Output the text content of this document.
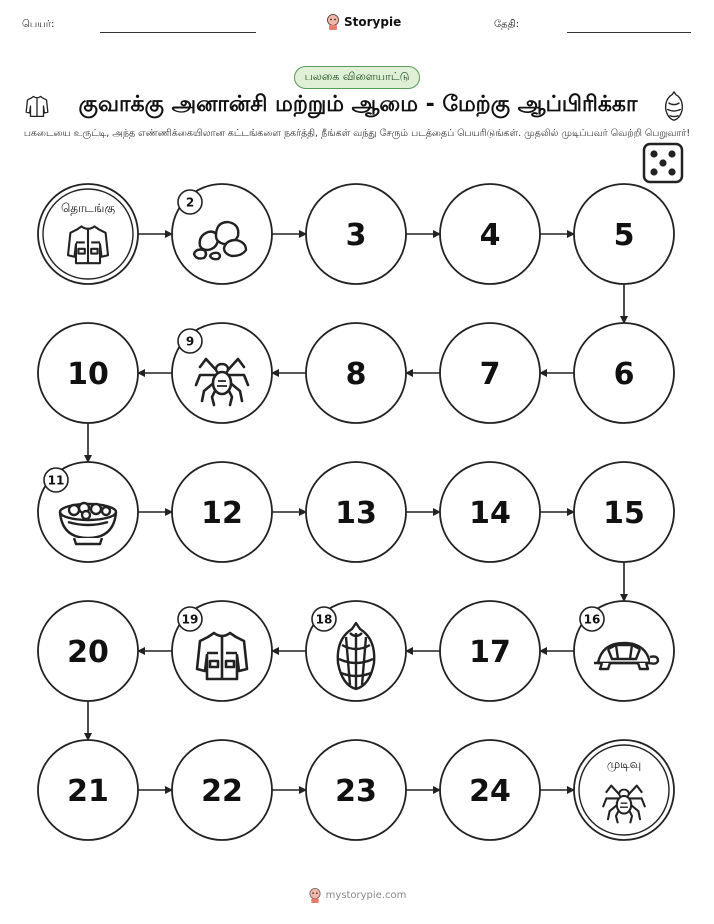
பெயர்:	Storypie	தேதி:
பலகை விளையாட்டு
குவாக்கு அனான்சி மற்றும் ஆமை - மேற்கு ஆப்பிரிக்கா
பகடையை உருட்டி, அந்த எண்ணிக்கையிலான கட்டங்களை நகர்த்தி, நீங்கள் வந்து சேரும் படத்தைப் பெயரிடுங்கள். முதலில் முடிப்பவர் வெற்றி பெறுவார்!
தொடங்கு	2
3	4	5
6
7
8
9
10
11
12	13	14	15
16
17
18
19
20
21	22	23	24
முடிவு
mystorypie.com
